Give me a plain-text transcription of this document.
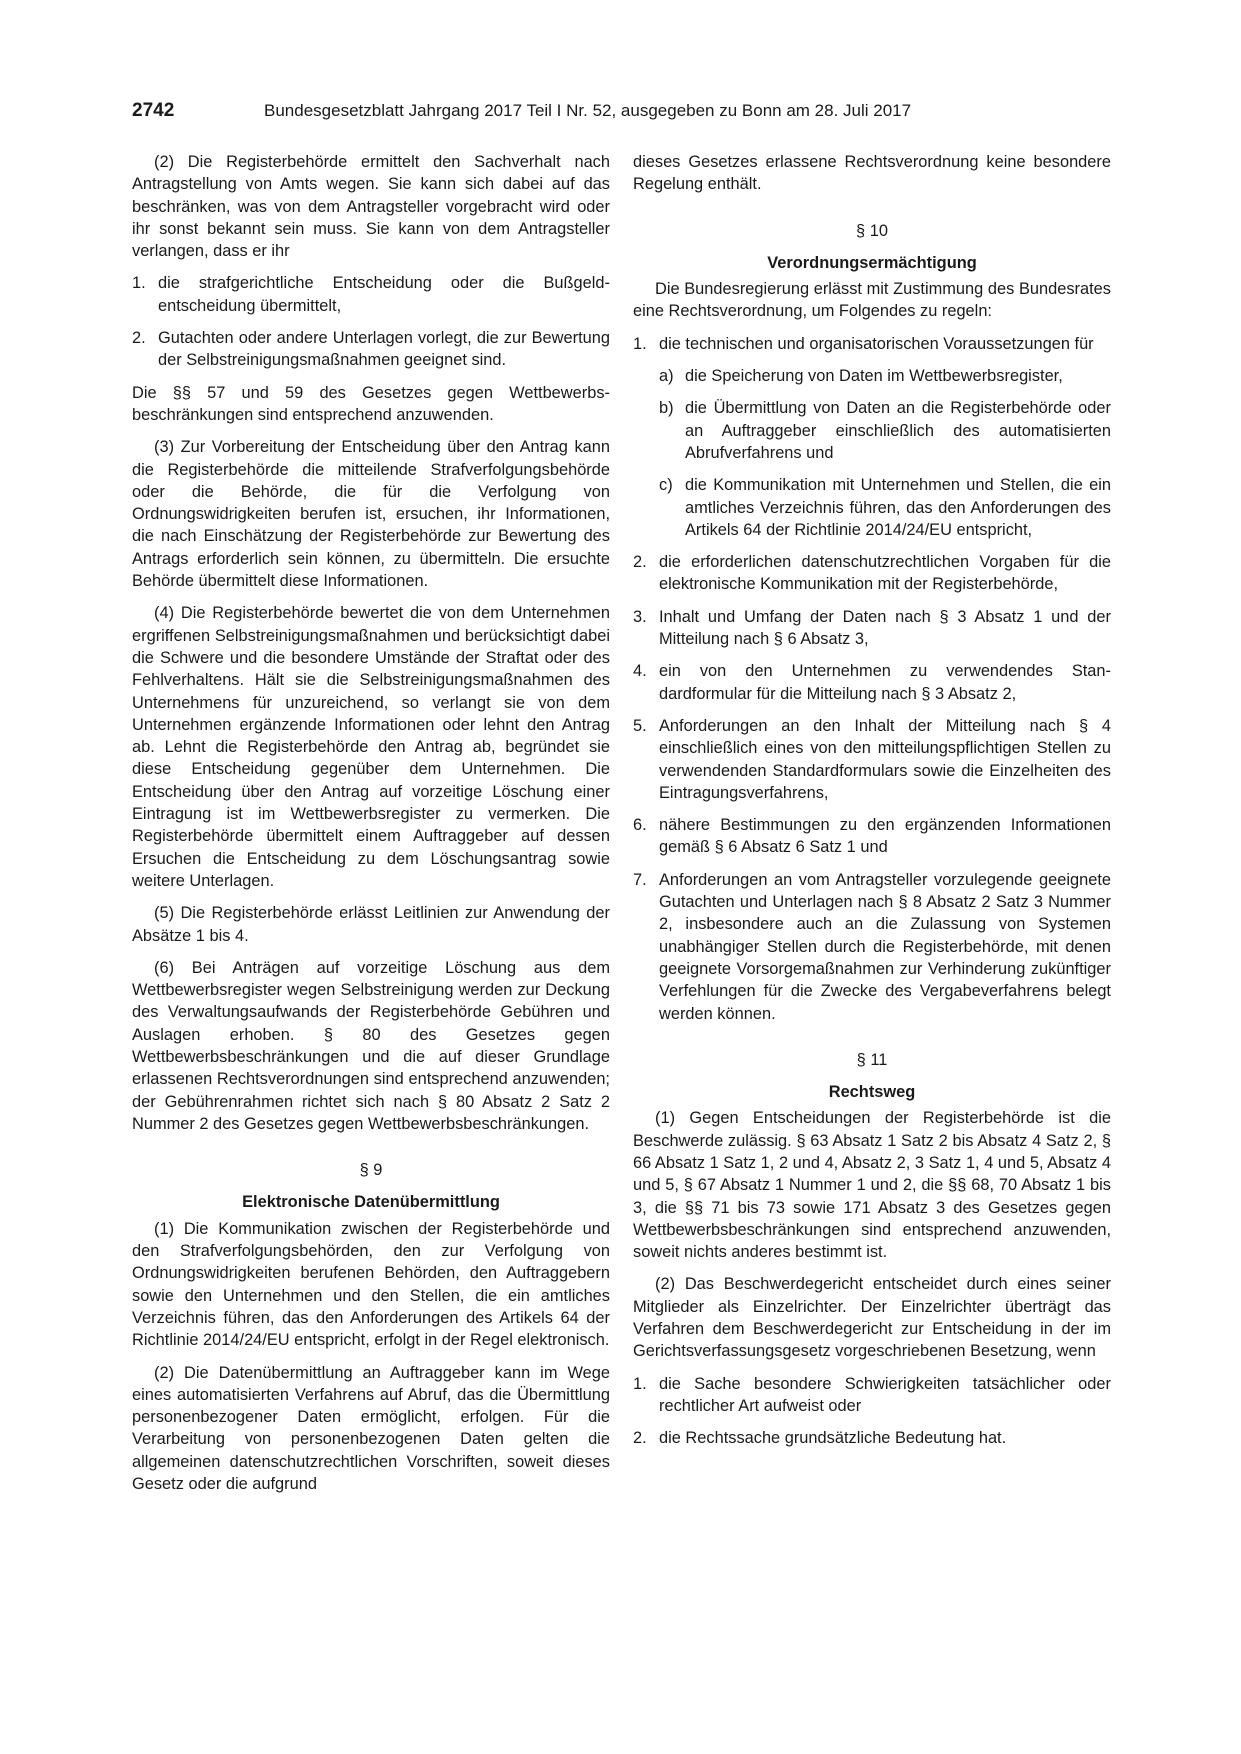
2742	Bundesgesetzblatt Jahrgang 2017 Teil I Nr. 52, ausgegeben zu Bonn am 28. Juli 2017

(2) Die Registerbehörde ermittelt den Sachverhalt nach Antragstellung von Amts wegen. Sie kann sich dabei auf das beschränken, was von dem Antragsteller vorgebracht wird oder ihr sonst bekannt sein muss. Sie kann von dem Antragsteller verlangen, dass er ihr

1. die strafgerichtliche Entscheidung oder die Bußgeldentscheidung übermittelt,
2. Gutachten oder andere Unterlagen vorlegt, die zur Bewertung der Selbstreinigungsmaßnahmen geeignet sind.

Die §§ 57 und 59 des Gesetzes gegen Wettbewerbsbeschränkungen sind entsprechend anzuwenden.

(3) Zur Vorbereitung der Entscheidung über den Antrag kann die Registerbehörde die mitteilende Strafverfolgungsbehörde oder die Behörde, die für die Verfolgung von Ordnungswidrigkeiten berufen ist, ersuchen, ihr Informationen, die nach Einschätzung der Registerbehörde zur Bewertung des Antrags erforderlich sein können, zu übermitteln. Die ersuchte Behörde übermittelt diese Informationen.

(4) Die Registerbehörde bewertet die von dem Unternehmen ergriffenen Selbstreinigungsmaßnahmen und berücksichtigt dabei die Schwere und die besondere Umstände der Straftat oder des Fehlverhaltens. Hält sie die Selbstreinigungsmaßnahmen des Unternehmens für unzureichend, so verlangt sie von dem Unternehmen ergänzende Informationen oder lehnt den Antrag ab. Lehnt die Registerbehörde den Antrag ab, begründet sie diese Entscheidung gegenüber dem Unternehmen. Die Entscheidung über den Antrag auf vorzeitige Löschung einer Eintragung ist im Wettbewerbsregister zu vermerken. Die Registerbehörde übermittelt einem Auftraggeber auf dessen Ersuchen die Entscheidung zu dem Löschungsantrag sowie weitere Unterlagen.

(5) Die Registerbehörde erlässt Leitlinien zur Anwendung der Absätze 1 bis 4.

(6) Bei Anträgen auf vorzeitige Löschung aus dem Wettbewerbsregister wegen Selbstreinigung werden zur Deckung des Verwaltungsaufwands der Registerbehörde Gebühren und Auslagen erhoben. § 80 des Gesetzes gegen Wettbewerbsbeschränkungen und die auf dieser Grundlage erlassenen Rechtsverordnungen sind entsprechend anzuwenden; der Gebührenrahmen richtet sich nach § 80 Absatz 2 Satz 2 Nummer 2 des Gesetzes gegen Wettbewerbsbeschränkungen.

§ 9
Elektronische Datenübermittlung

(1) Die Kommunikation zwischen der Registerbehörde und den Strafverfolgungsbehörden, den zur Verfolgung von Ordnungswidrigkeiten berufenen Behörden, den Auftraggebern sowie den Unternehmen und den Stellen, die ein amtliches Verzeichnis führen, das den Anforderungen des Artikels 64 der Richtlinie 2014/24/EU entspricht, erfolgt in der Regel elektronisch.

(2) Die Datenübermittlung an Auftraggeber kann im Wege eines automatisierten Verfahrens auf Abruf, das die Übermittlung personenbezogener Daten ermöglicht, erfolgen. Für die Verarbeitung von personenbezogenen Daten gelten die allgemeinen datenschutzrechtlichen Vorschriften, soweit dieses Gesetz oder die aufgrund

dieses Gesetzes erlassene Rechtsverordnung keine besondere Regelung enthält.

§ 10
Verordnungsermächtigung

Die Bundesregierung erlässt mit Zustimmung des Bundesrates eine Rechtsverordnung, um Folgendes zu regeln:

1. die technischen und organisatorischen Voraussetzungen für
a) die Speicherung von Daten im Wettbewerbsregister,
b) die Übermittlung von Daten an die Registerbehörde oder an Auftraggeber einschließlich des automatisierten Abrufverfahrens und
c) die Kommunikation mit Unternehmen und Stellen, die ein amtliches Verzeichnis führen, das den Anforderungen des Artikels 64 der Richtlinie 2014/24/EU entspricht,
2. die erforderlichen datenschutzrechtlichen Vorgaben für die elektronische Kommunikation mit der Registerbehörde,
3. Inhalt und Umfang der Daten nach § 3 Absatz 1 und der Mitteilung nach § 6 Absatz 3,
4. ein von den Unternehmen zu verwendendes Standardformular für die Mitteilung nach § 3 Absatz 2,
5. Anforderungen an den Inhalt der Mitteilung nach § 4 einschließlich eines von den mitteilungspflichtigen Stellen zu verwendenden Standardformulars sowie die Einzelheiten des Eintragungsverfahrens,
6. nähere Bestimmungen zu den ergänzenden Informationen gemäß § 6 Absatz 6 Satz 1 und
7. Anforderungen an vom Antragsteller vorzulegende geeignete Gutachten und Unterlagen nach § 8 Absatz 2 Satz 3 Nummer 2, insbesondere auch an die Zulassung von Systemen unabhängiger Stellen durch die Registerbehörde, mit denen geeignete Vorsorgemaßnahmen zur Verhinderung zukünftiger Verfehlungen für die Zwecke des Vergabeverfahrens belegt werden können.
§ 11
Rechtsweg

(1) Gegen Entscheidungen der Registerbehörde ist die Beschwerde zulässig. § 63 Absatz 1 Satz 2 bis Absatz 4 Satz 2, § 66 Absatz 1 Satz 1, 2 und 4, Absatz 2, 3 Satz 1, 4 und 5, Absatz 4 und 5, § 67 Absatz 1 Nummer 1 und 2, die §§ 68, 70 Absatz 1 bis 3, die §§ 71 bis 73 sowie 171 Absatz 3 des Gesetzes gegen Wettbewerbsbeschränkungen sind entsprechend anzuwenden, soweit nichts anderes bestimmt ist.

(2) Das Beschwerdegericht entscheidet durch eines seiner Mitglieder als Einzelrichter. Der Einzelrichter überträgt das Verfahren dem Beschwerdegericht zur Entscheidung in der im Gerichtsverfassungsgesetz vorgeschriebenen Besetzung, wenn

1. die Sache besondere Schwierigkeiten tatsächlicher oder rechtlicher Art aufweist oder
2. die Rechtssache grundsätzliche Bedeutung hat.
